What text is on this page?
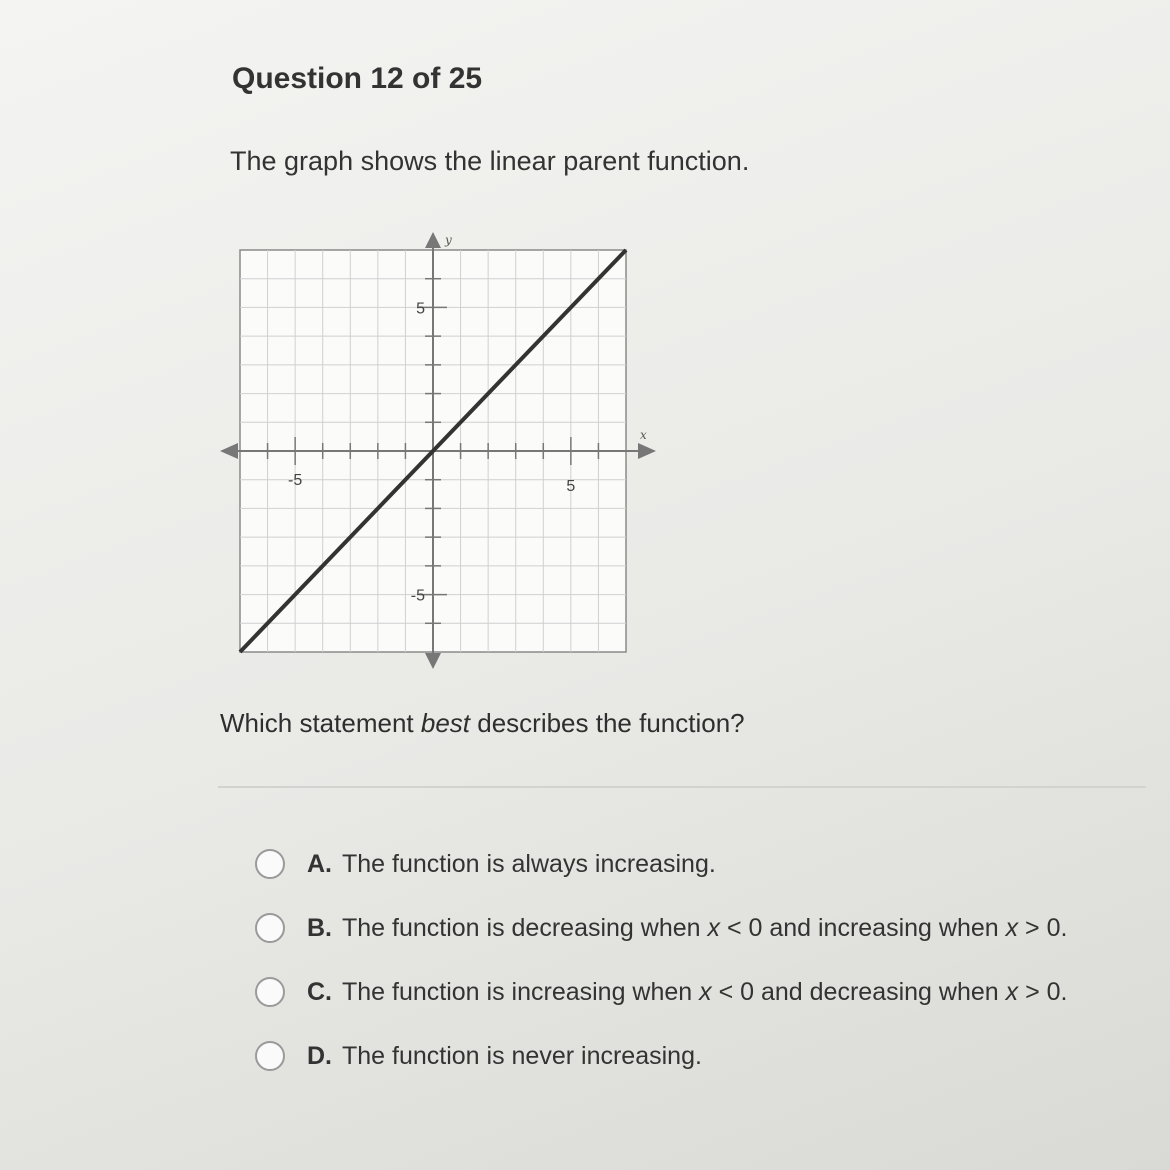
Question 12 of 25
The graph shows the linear parent function.
x
y
-5	5
-5
5
Which statement best describes the function?
A. The function is always increasing.
B. The function is decreasing when x < 0 and increasing when x > 0.
C. The function is increasing when x < 0 and decreasing when x > 0.
D. The function is never increasing.
